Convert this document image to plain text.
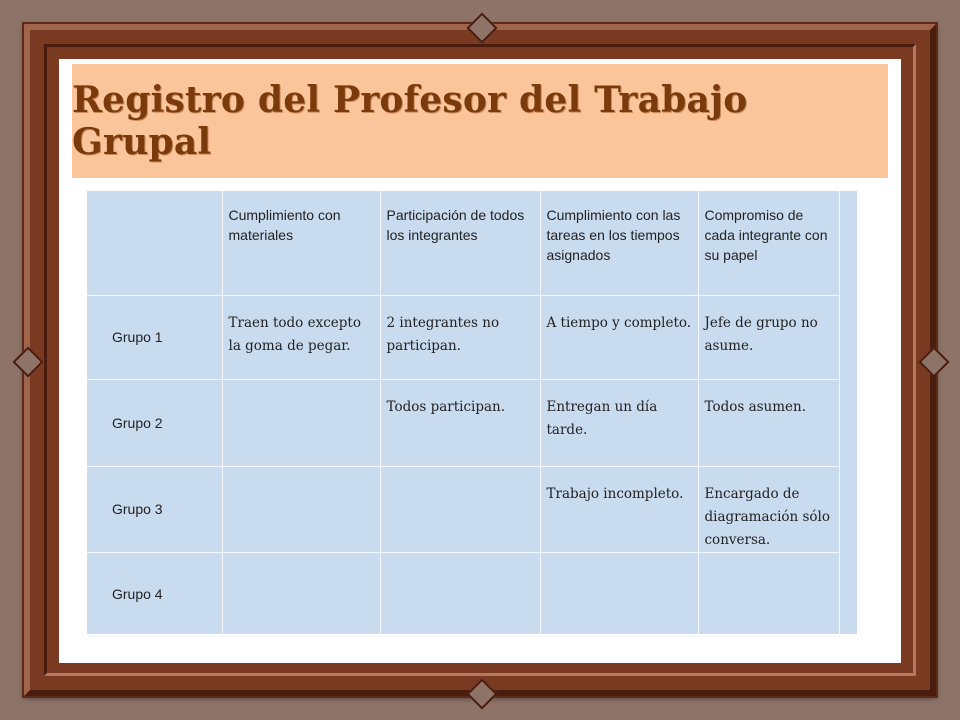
Registro del Profesor del Trabajo Grupal
	Cumplimiento con materiales	Participación de todos los integrantes	Cumplimiento con las tareas en los tiempos asignados	Compromiso de cada integrante con su papel
Grupo 1	Traen todo excepto la goma de pegar.	2 integrantes no participan.	A tiempo y completo.	Jefe de grupo no asume.
Grupo 2		Todos participan.	Entregan un día tarde.	Todos asumen.
Grupo 3			Trabajo incompleto.	Encargado de diagramación sólo conversa.
Grupo 4				
